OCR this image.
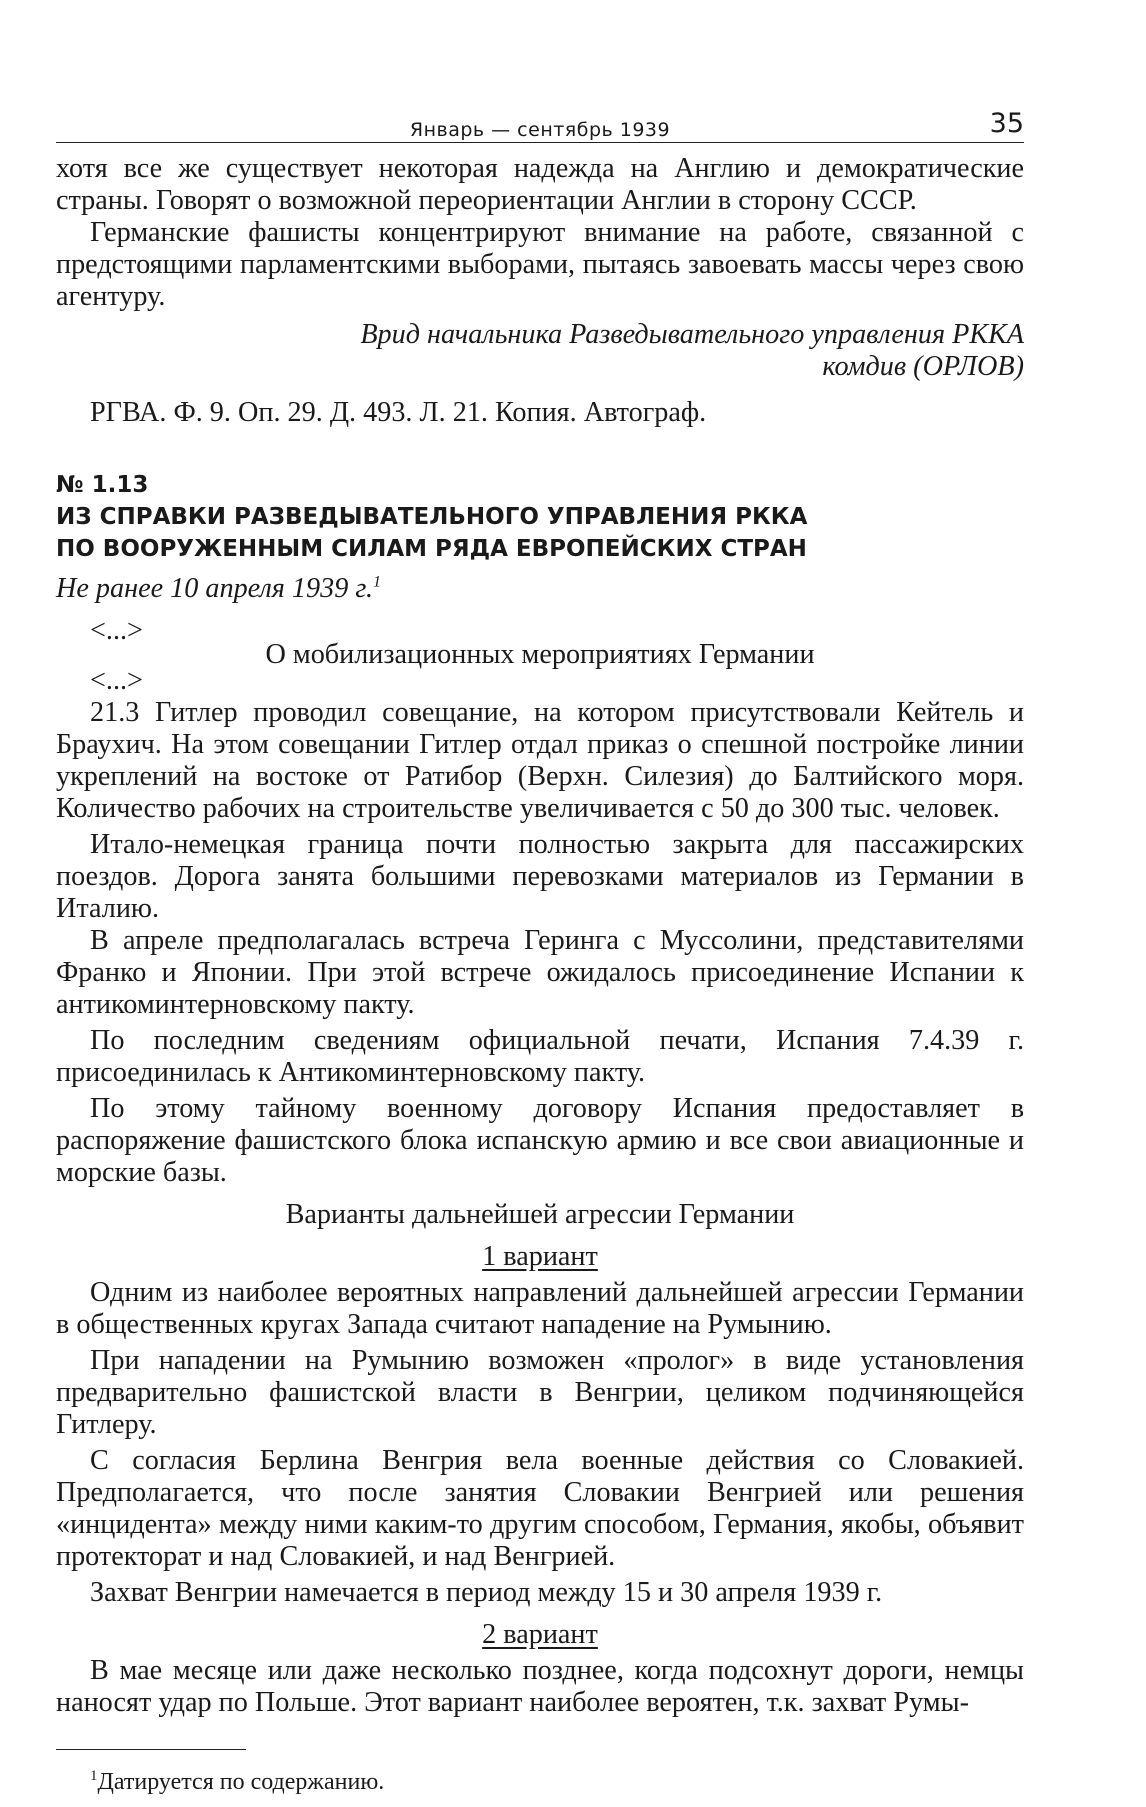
Январь — сентябрь 1939	35

хотя все же существует некоторая надежда на Англию и демократические страны. Говорят о возможной переориентации Англии в сторону СССР.

Германские фашисты концентрируют внимание на работе, связанной с предстоящими парламентскими выборами, пытаясь завоевать массы через свою агентуру.

Врид начальника Разведывательного управления РККА
комдив (ОРЛОВ)

РГВА. Ф. 9. Оп. 29. Д. 493. Л. 21. Копия. Автограф.

№ 1.13
ИЗ СПРАВКИ РАЗВЕДЫВАТЕЛЬНОГО УПРАВЛЕНИЯ РККА
ПО ВООРУЖЕННЫМ СИЛАМ РЯДА ЕВРОПЕЙСКИХ СТРАН
Не ранее 10 апреля 1939 г.$^1$
<...>
О мобилизационных мероприятиях Германии
<...>

21.3 Гитлер проводил совещание, на котором присутствовали Кейтель и Браухич. На этом совещании Гитлер отдал приказ о спешной постройке линии укреплений на востоке от Ратибор (Верхн. Силезия) до Балтийского моря. Количество рабочих на строительстве увеличивается с 50 до 300 тыс. человек.

Итало-немецкая граница почти полностью закрыта для пассажирских поездов. Дорога занята большими перевозками материалов из Германии в Италию.

В апреле предполагалась встреча Геринга с Муссолини, представителями Франко и Японии. При этой встрече ожидалось присоединение Испании к антикоминтерновскому пакту.

По последним сведениям официальной печати, Испания 7.4.39 г. присоединилась к Антикоминтерновскому пакту.

По этому тайному военному договору Испания предоставляет в распоряжение фашистского блока испанскую армию и все свои авиационные и морские базы.

Варианты дальнейшей агрессии Германии
1 вариант

Одним из наиболее вероятных направлений дальнейшей агрессии Германии в общественных кругах Запада считают нападение на Румынию.

При нападении на Румынию возможен «пролог» в виде установления предварительно фашистской власти в Венгрии, целиком подчиняющейся Гитлеру.

С согласия Берлина Венгрия вела военные действия со Словакией. Предполагается, что после занятия Словакии Венгрией или решения «инцидента» между ними каким-то другим способом, Германия, якобы, объявит протекторат и над Словакией, и над Венгрией.

Захват Венгрии намечается в период между 15 и 30 апреля 1939 г.

2 вариант

В мае месяце или даже несколько позднее, когда подсохнут дороги, немцы наносят удар по Польше. Этот вариант наиболее вероятен, т.к. захват Румы-

$^1$Датируется по содержанию.
